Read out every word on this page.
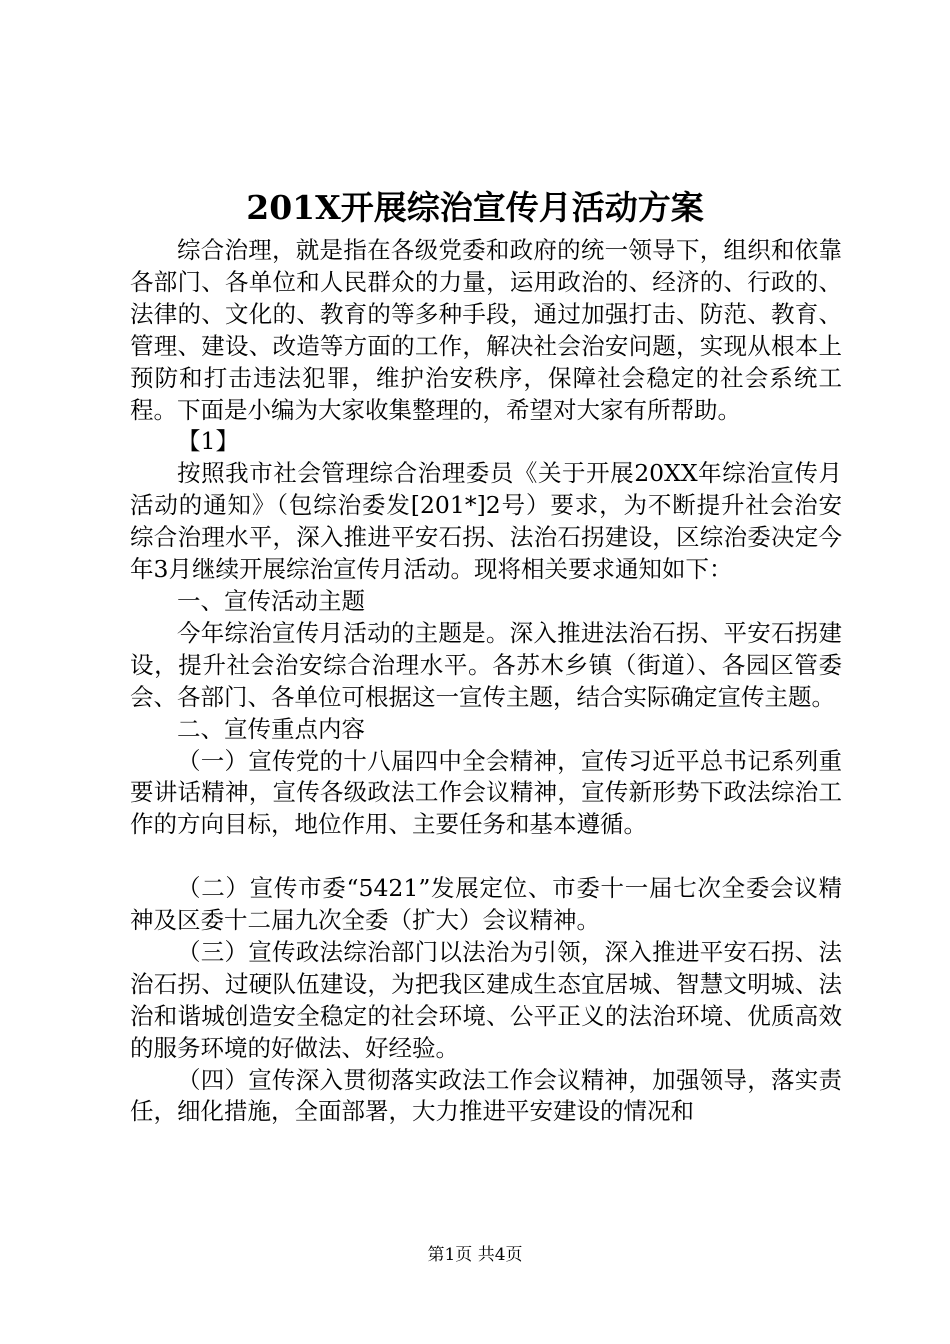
201X开展综治宣传月活动方案

综合治理，就是指在各级党委和政府的统一领导下，组织和依靠各部门、各单位和人民群众的力量，运用政治的、经济的、行政的、法律的、文化的、教育的等多种手段，通过加强打击、防范、教育、管理、建设、改造等方面的工作，解决社会治安问题，实现从根本上预防和打击违法犯罪，维护治安秩序，保障社会稳定的社会系统工程。下面是小编为大家收集整理的，希望对大家有所帮助。

【1】

按照我市社会管理综合治理委员《关于开展20XX年综治宣传月活动的通知》（包综治委发[201*]2号）要求，为不断提升社会治安综合治理水平，深入推进平安石拐、法治石拐建设，区综治委决定今年3月继续开展综治宣传月活动。现将相关要求通知如下：

一、宣传活动主题

今年综治宣传月活动的主题是。深入推进法治石拐、平安石拐建设，提升社会治安综合治理水平。各苏木乡镇（街道）、各园区管委会、各部门、各单位可根据这一宣传主题，结合实际确定宣传主题。

二、宣传重点内容

（一）宣传党的十八届四中全会精神，宣传习近平总书记系列重要讲话精神，宣传各级政法工作会议精神，宣传新形势下政法综治工作的方向目标，地位作用、主要任务和基本遵循。

（二）宣传市委“5421”发展定位、市委十一届七次全委会议精神及区委十二届九次全委（扩大）会议精神。

（三）宣传政法综治部门以法治为引领，深入推进平安石拐、法治石拐、过硬队伍建设，为把我区建成生态宜居城、智慧文明城、法治和谐城创造安全稳定的社会环境、公平正义的法治环境、优质高效的服务环境的好做法、好经验。

（四）宣传深入贯彻落实政法工作会议精神，加强领导，落实责任，细化措施，全面部署，大力推进平安建设的情况和

第1页 共4页
